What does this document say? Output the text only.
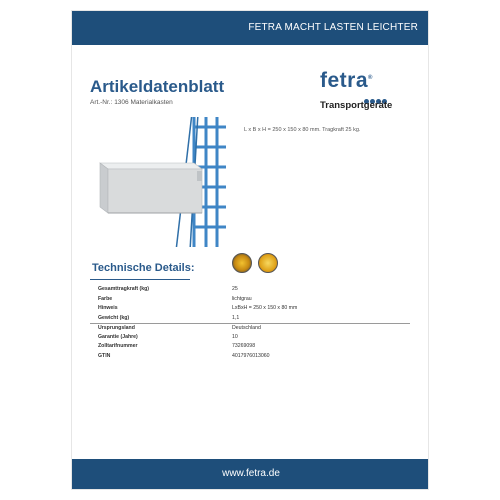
FETRA MACHT LASTEN LEICHTER
Artikeldatenblatt
Art.-Nr.: 1306 Materialkasten
fetra®
Transportgeräte
L x B x H = 250 x 150 x 80 mm. Tragkraft 25 kg.
Technische Details:
Gesamttragkraft (kg)	25
Farbe	lichtgrau
Hinweis	LxBxH = 250 x 150 x 80 mm
Gewicht (kg)	1,1
Ursprungsland	Deutschland
Garantie (Jahre)	10
Zolltarifnummer	73269098
GTIN	4017976013060
www.fetra.de
